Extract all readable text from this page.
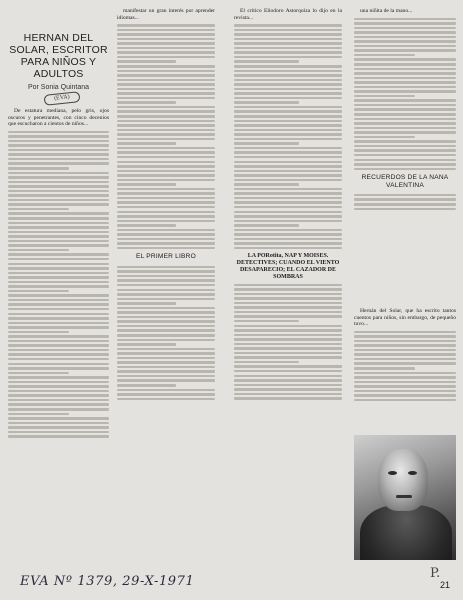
HERNAN DEL SOLAR, ESCRITOR PARA NIÑOS Y ADULTOS
Por Sonia Quintana
(EVA)

De estatura mediana, pelo gris, ojos oscuros y penetrantes, con cinco decenios que escucharon a cientos de niños...

manifestar un gran interés por aprender idiomas...

EL PRIMER LIBRO

El crítico Eliodoro Astorquiza lo dijo en la revista...

LA PORotita, NAP Y MOISES. DETECTIVES; CUANDO EL VIENTO DESAPARECIO; EL CAZADOR DE SOMBRAS

una niñita de la mano...

RECUERDOS DE LA NANA VALENTINA

Hernán del Solar, que ha escrito tantos cuentos para niños, sin embargo, de pequeño tuvo...

EVA Nº 1379, 29-X-1971
P.
21
